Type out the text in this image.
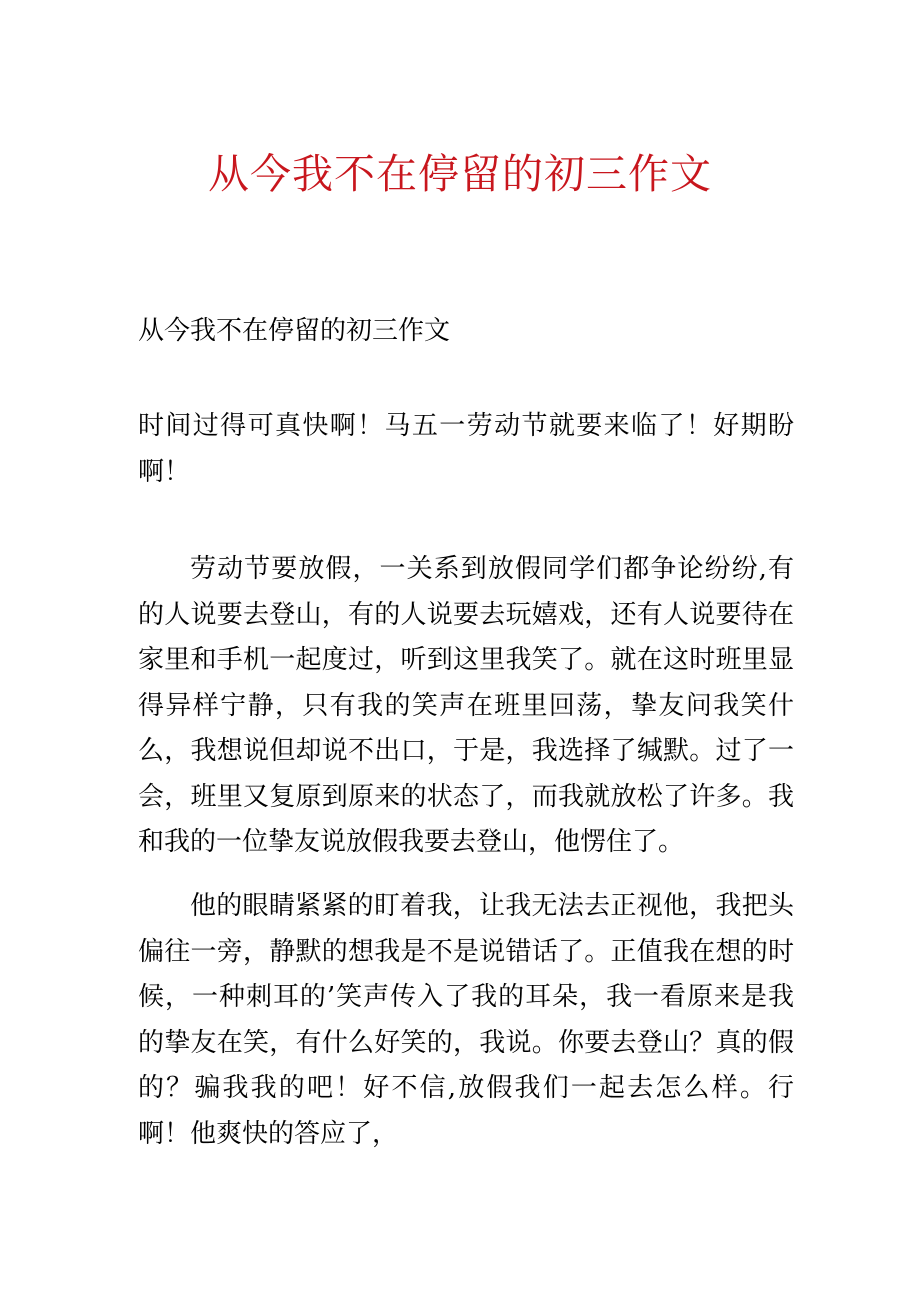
从今我不在停留的初三作文

从今我不在停留的初三作文

时间过得可真快啊！马五一劳动节就要来临了！好期盼啊！

劳动节要放假，一关系到放假同学们都争论纷纷,有的人说要去登山，有的人说要去玩嬉戏，还有人说要待在家里和手机一起度过，听到这里我笑了。就在这时班里显得异样宁静，只有我的笑声在班里回荡，挚友问我笑什么，我想说但却说不出口，于是，我选择了缄默。过了一会，班里又复原到原来的状态了，而我就放松了许多。我和我的一位挚友说放假我要去登山，他愣住了。

他的眼睛紧紧的盯着我，让我无法去正视他，我把头偏往一旁，静默的想我是不是说错话了。正值我在想的时候，一种刺耳的’笑声传入了我的耳朵，我一看原来是我的挚友在笑，有什么好笑的，我说。你要去登山？真的假的？骗我我的吧！好不信,放假我们一起去怎么样。行啊！他爽快的答应了，
